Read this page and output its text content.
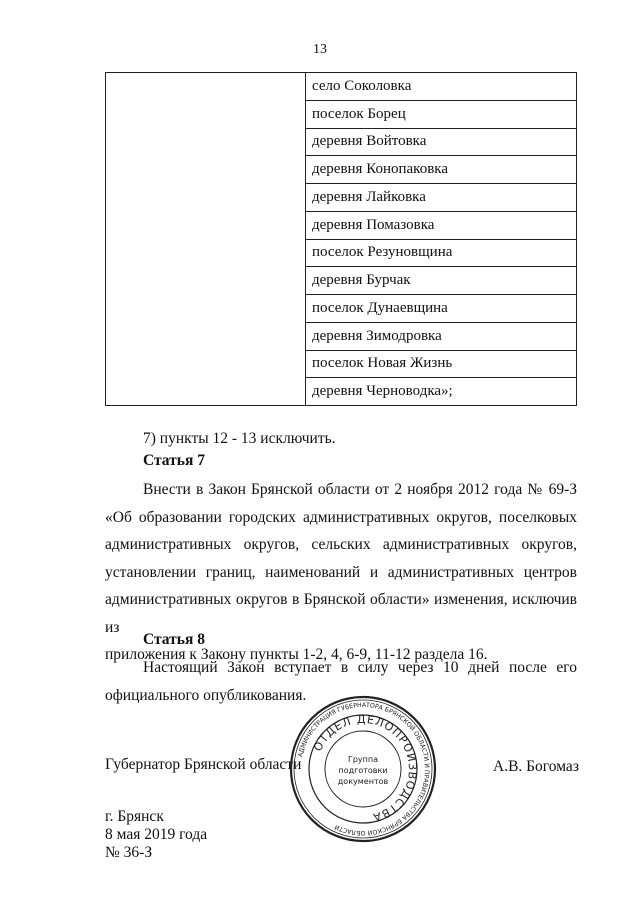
13
	село Соколовка
поселок Борец
деревня Войтовка
деревня Конопаковка
деревня Лайковка
деревня Помазовка
поселок Резуновщина
деревня Бурчак
поселок Дунаевщина
деревня Зимодровка
поселок Новая Жизнь
деревня Черноводка»;
7) пункты 12 - 13 исключить.
Статья 7
Внести в Закон Брянской области от 2 ноября 2012 года № 69-З
«Об образовании городских административных округов, поселковых
административных округов, сельских административных округов,
установлении границ, наименований и административных центров
административных округов в Брянской области» изменения, исключив из
приложения к Закону пункты 1-2, 4, 6-9, 11-12 раздела 16.
Статья 8
Настоящий Закон вступает в силу через 10 дней после его
официального опубликования.
Губернатор Брянской области	А.В. Богомаз
г. Брянск
8 мая 2019 года
№ 36-З
АДМИНИСТРАЦИЯ ГУБЕРНАТОРА БРЯНСКОЙ ОБЛАСТИ И ПРАВИТЕЛЬСТВА БРЯНСКОЙ ОБЛАСТИ
ОТДЕЛ ДЕЛОПРОИЗВОДСТВА
Группа
подготовки
документов
